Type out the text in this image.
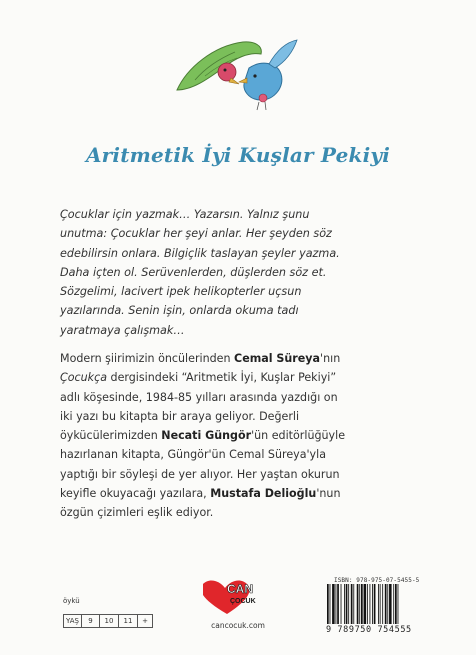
Aritmetik İyi Kuşlar Pekiyi
Çocuklar için yazmak… Yazarsın. Yalnız şunu
unutma: Çocuklar her şeyi anlar. Her şeyden söz
edebilirsin onlara. Bilgiçlik taslayan şeyler yazma.
Daha içten ol. Serüvenlerden, düşlerden söz et.
Sözgelimi, lacivert ipek helikopterler uçsun
yazılarında. Senin işin, onlarda okuma tadı
yaratmaya çalışmak…
Modern şiirimizin öncülerinden Cemal Süreya'nın
Çocukça dergisindeki “Aritmetik İyi, Kuşlar Pekiyi”
adlı köşesinde, 1984-85 yılları arasında yazdığı on
iki yazı bu kitapta bir araya geliyor. Değerli
öykücülerimizden Necati Güngör'ün editörlüğüyle
hazırlanan kitapta, Güngör'ün Cemal Süreya'yla
yaptığı bir söyleşi de yer alıyor. Her yaştan okurun
keyifle okuyacağı yazılara, Mustafa Delioğlu'nun
özgün çizimleri eşlik ediyor.
öykü
YAŞ	9	10	11	+
CAN
ÇOCUK
cancocuk.com
ISBN: 978-975-07-5455-5
9 789750 754555
